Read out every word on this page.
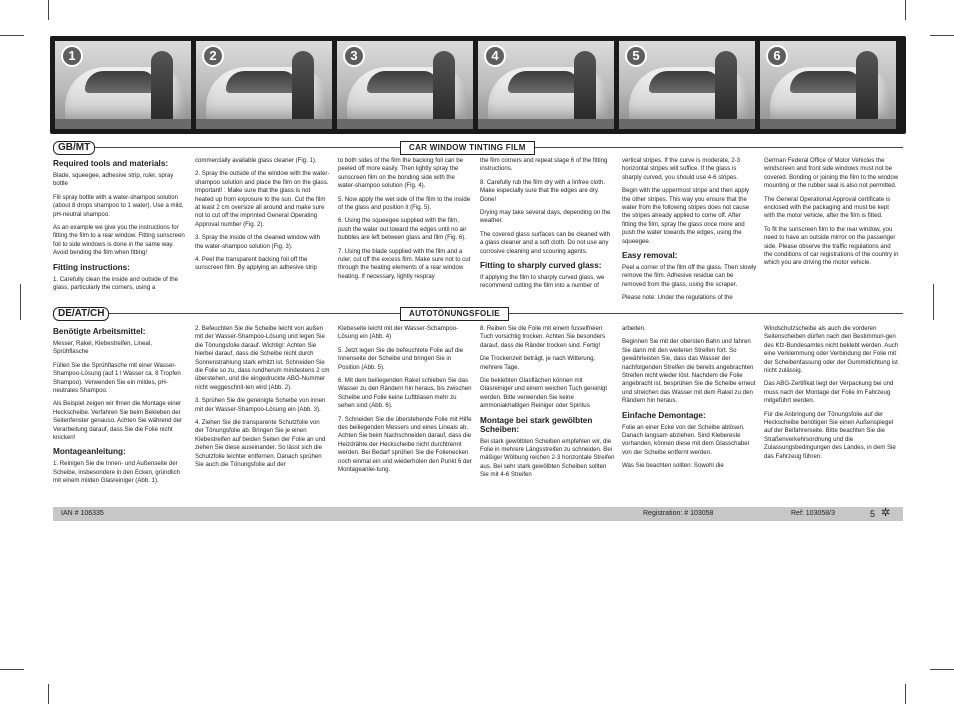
1	2	3	4	5	6
GB/MT	CAR WINDOW TINTING FILM
Required tools and materials:

Blade, squeegee, adhesive strip, ruler, spray bottle

Fill spray bottle with a water-shampoo solution (about 8 drops shampoo to 1 water). Use a mild, pH-neutral shampoo.

As an example we give you the instructions for fitting the film to a rear window. Fitting sunscreen foil to side windows is done in the same way. Avoid bending the film when fitting!

Fitting instructions:

1. Carefully clean the inside and outside of the glass, particularly the corners, using a

commercially available glass cleaner (Fig. 1).

2. Spray the outside of the window with the water-shampoo solution and place the film on the glass. Important! : Make sure that the glass is not heated up from exposure to the sun. Cut the film at least 2 cm oversize all around and make sure not to cut off the imprinted General Operating Approval number (Fig. 2).

3. Spray the inside of the cleaned window with the water-shampoo solution (Fig. 3).

4. Peel the transparent backing foil off the sunscreen film. By applying an adhesive strip

to both sides of the film the backing foil can be peeled off more easily. Then lightly spray the sunscreen film on the bonding side with the water-shampoo solution (Fig. 4).

5. Now apply the wet side of the film to the inside of the glass and position it (Fig. 5).

6. Using the squeegee supplied with the film, push the water out toward the edges until no air bubbles are left between glass and film (Fig. 6).

7. Using the blade supplied with the film and a ruler, cut off the excess film. Make sure not to cut through the heating elements of a rear window heating. If necessary, lightly respray

the film corners and repeat stage 6 of the fitting instructions.

8. Carefully rub the film dry with a linfree cloth. Make especially sure that the edges are dry. Done!

Drying may take several days, depending on the weather.

The covered glass surfaces can be cleaned with a glass cleaner and a soft cloth. Do not use any corrosive cleaning and scouring agents.

Fitting to sharply curved glass:

If applying the film to sharply curved glass, we recommend cutting the film into a number of

vertical stripes. If the curve is moderate, 2-3 horizontal stripes will suffice. If the glass is sharply curved, you should use 4-6 stripes.

Begin with the uppermost stripe and then apply the other stripes. This way you ensure that the water from the following stripes does not cause the stripes already applied to come off. After fitting the film, spray the glass once more and push the water towards the edges, using the squeegee.

Easy removal:

Peel a corner of the film off the glass. Then slowly remove the film. Adhesive residue can be removed from the glass, using the scraper.

Please note: Under the regulations of the

German Federal Office of Motor Vehicles the windscreen and front side windows must not be covered. Bonding or joining the film to the window mounting or the rubber seal is also not permitted.

The General Operational Approval certificate is enclosed with the packaging and must be kept with the motor vehicle, after the film is fitted.

To fit the sunscreen film to the rear window, you need to have an outside mirror on the passenger side. Please observe the traffic regulations and the conditions of car registrations of the country in which you are driving the motor vehicle.

DE/AT/CH	AUTOTÖNUNGSFOLIE
Benötigte Arbeitsmittel:

Messer, Rakel, Klebestreifen, Lineal, Sprühflasche

Füllen Sie die Sprühflasche mit einer Wasser-Shampoo-Lösung (auf 1 l Wasser ca. 8 Tropfen Shampoo). Verwenden Sie ein mildes, pH-neutrales Shampoo.

Als Beispiel zeigen wir Ihnen die Montage einer Heckscheibe. Verfahren Sie beim Bekleben der Seitenfenster genauso. Achten Sie während der Verarbeitung darauf, dass Sie die Folie nicht knicken!

Montageanleitung:

1. Reinigen Sie die Innen- und Außenseite der Scheibe, insbesondere in den Ecken, gründlich mit einem milden Glasreiniger (Abb. 1).

2. Befeuchten Sie die Scheibe leicht von außen mit der Wasser-Shampoo-Lösung und legen Sie die Tönungsfolie darauf. Wichtig!: Achten Sie hierbei darauf, dass die Scheibe nicht durch Sonnenstrahlung stark erhitzt ist. Schneiden Sie die Folie so zu, dass rundherum mindestens 2 cm überstehen, und die eingedruckte ABG-Nummer nicht weggeschnit-ten wird (Abb. 2).

3. Sprühen Sie die gereinigte Scheibe von innen mit der Wasser-Shampoo-Lösung ein (Abb. 3).

4. Ziehen Sie die transparente Schutzfolie von der Tönungsfolie ab. Bringen Sie je einen Klebestreifen auf beiden Seiten der Folie an und ziehen Sie diese auseinander. So lässt sich die Schutzfolie leichter entfernen. Danach sprühen Sie auch die Tönungsfolie auf der

Klebeseite leicht mit der Wasser-Schampoo-Lösung ein (Abb. 4)

5. Jetzt legen Sie die befeuchtete Folie auf die Innenseite der Scheibe und bringen Sie in Position (Abb. 5).

6. Mit dem beiliegenden Rakel schieben Sie das Wasser zu den Rändern hin heraus, bis zwischen Scheibe und Folie keine Luftblasen mehr zu sehen sind (Abb. 6).

7. Schneiden Sie die überstehende Folie mit Hilfe des beiliegenden Messers und eines Lineals ab. Achten Sie beim Nachschneiden darauf, dass die Heizdrähte der Heckscheibe nicht durchtrennt werden. Bei Bedarf sprühen Sie die Folienecken noch einmal ein und wiederholen den Punkt 6 der Montageanlei-tung.

8. Reiben Sie die Folie mit einem fusselfreien Tuch vorsichtig trocken. Achten Sie besonders darauf, dass die Ränder trocken sind. Fertig!

Die Trockenzeit beträgt, je nach Witterung, mehrere Tage.

Die beklebten Glasflächen können mit Glasreiniger und einem weichen Tuch gereinigt werden. Bitte verwenden Sie keine ammoniakhaltigen Reiniger oder Spiritus

Montage bei stark gewölbten Scheiben:

Bei stark gewölbten Scheiben empfehlen wir, die Folie in mehrere Längsstreifen zu schneiden. Bei mäßiger Wölbung reichen 2-3 horizontale Streifen aus. Bei sehr stark gewölbten Scheiben sollten Sie mit 4-6 Streifen

arbeiten.

Beginnen Sie mit der obersten Bahn und fahren Sie dann mit den weiteren Streifen fort. So gewährleisten Sie, dass das Wasser der nachfolgenden Streifen die bereits angebrachten Streifen nicht wieder löst. Nachdem die Folie angebracht ist, besprühen Sie die Scheibe erneut und streichen das Wasser mit dem Rakel zu den Rändern hin heraus.

Einfache Demontage:

Folie an einer Ecke von der Scheibe ablösen. Danach langsam abziehen. Sind Klebereste vorhanden, können diese mit dem Glasschaber von der Scheibe entfernt werden.

Was Sie beachten sollten: Sowohl die

Windschutzscheibe als auch die vorderen Seitenscheiben dürfen nach den Bestimmun-gen des Kfz-Bundesamtes nicht beklebt werden. Auch eine Verklemmung oder Verbindung der Folie mit der Scheibenfassung oder der Gummidichtung ist nicht zulässig.

Das ABG-Zertifikat liegt der Verpackung bei und muss nach der Montage der Folie im Fahrzeug mitgeführt werden.

Für die Anbringung der Tönungsfolie auf der Heckscheibe benötigen Sie einen Außenspiegel auf der Beifahrerseite. Bitte beachten Sie die Straßenverkehrsordnung und die Zulassungsbedingungen des Landes, in dem Sie das Fahrzeug führen.

IAN # 106335	Registration: # 103058	Ref: 103058/3	5 ✲
